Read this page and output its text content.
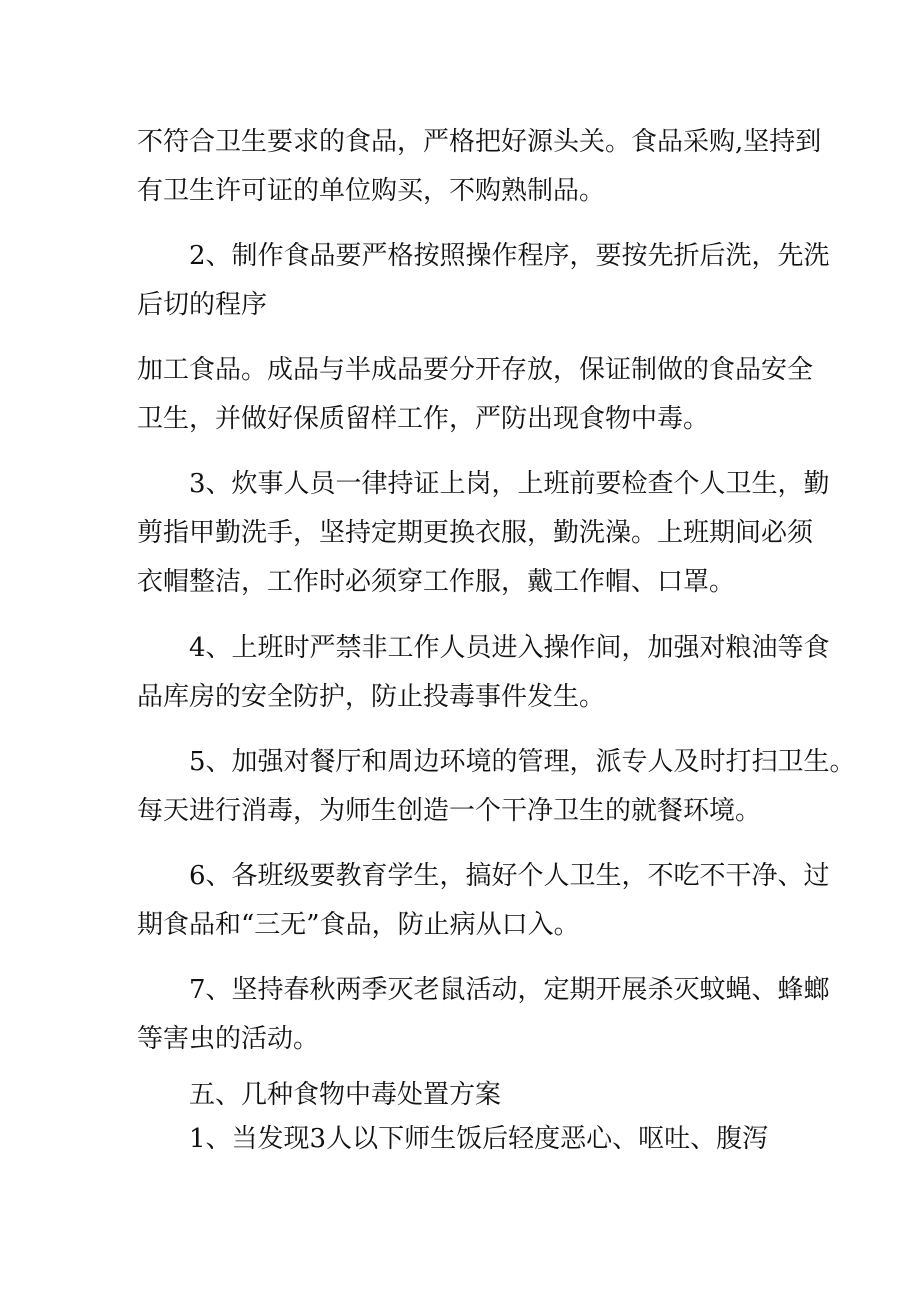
不符合卫生要求的食品，严格把好源头关。食品采购,坚持到

有卫生许可证的单位购买，不购熟制品。

2、制作食品要严格按照操作程序，要按先折后洗，先洗

后切的程序

加工食品。成品与半成品要分开存放，保证制做的食品安全

卫生，并做好保质留样工作，严防出现食物中毒。

3、炊事人员一律持证上岗，上班前要检查个人卫生，勤

剪指甲勤洗手，坚持定期更换衣服，勤洗澡。上班期间必须

衣帽整洁，工作时必须穿工作服，戴工作帽、口罩。

4、上班时严禁非工作人员进入操作间，加强对粮油等食

品库房的安全防护，防止投毒事件发生。

5、加强对餐厅和周边环境的管理，派专人及时打扫卫生。

每天进行消毒，为师生创造一个干净卫生的就餐环境。

6、各班级要教育学生，搞好个人卫生，不吃不干净、过

期食品和“三无”食品，防止病从口入。

7、坚持春秋两季灭老鼠活动，定期开展杀灭蚊蝇、蜂螂

等害虫的活动。

五、几种食物中毒处置方案

1、当发现3人以下师生饭后轻度恶心、呕吐、腹泻
